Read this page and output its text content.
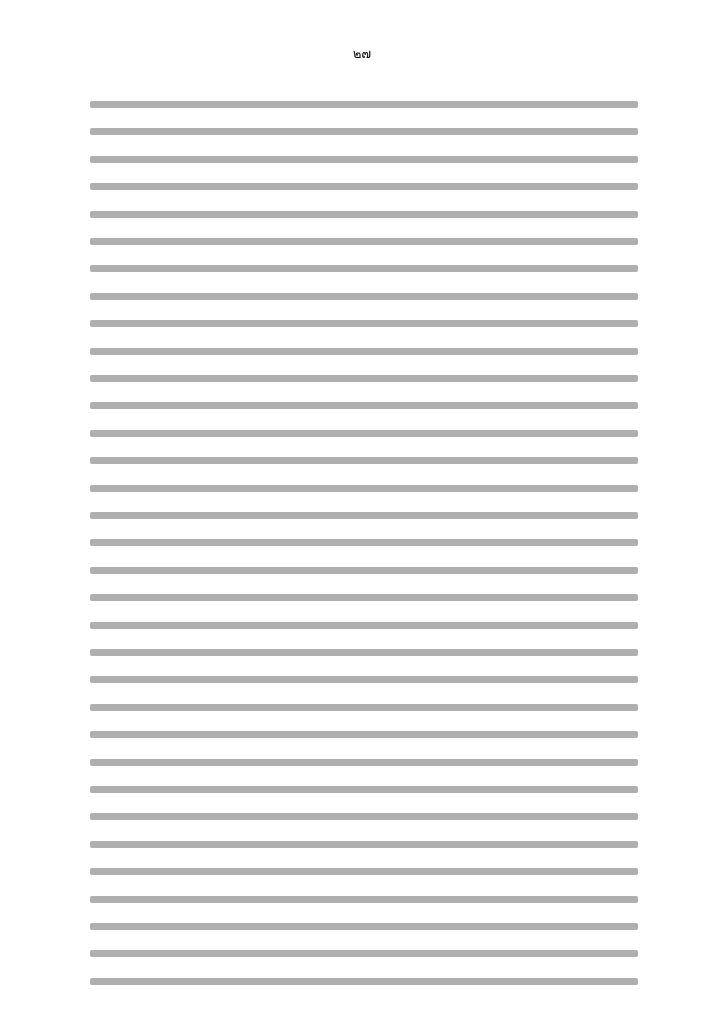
๒๗
